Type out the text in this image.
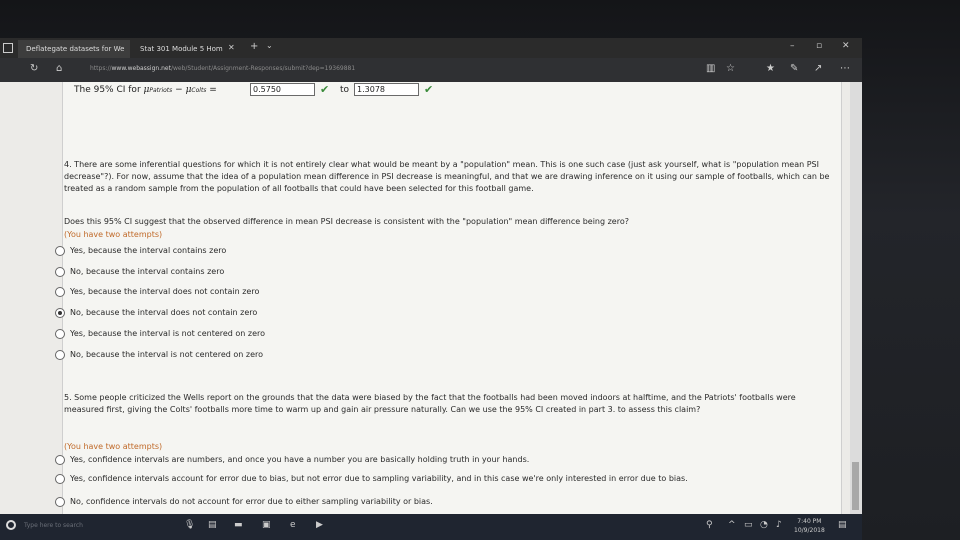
Deflategate datasets for We	Stat 301 Module 5 Hom ✕ + ⌄	– ▫ ✕
↻ ⌂	https://www.webassign.net/web/Student/Assignment-Responses/submit?dep=19369881	▥ ☆	★ ✎ ↗ ⋯
The 95% CI for μPatriots − μColts =	0.5750	✔ to 1.3078	✔
4. There are some inferential questions for which it is not entirely clear what would be meant by a "population" mean. This is one such case (just ask yourself, what is "population mean PSI decrease"?). For now, assume that the idea of a population mean difference in PSI decrease is meaningful, and that we are drawing inference on it using our sample of footballs, which can be treated as a random sample from the population of all footballs that could have been selected for this football game.
Does this 95% CI suggest that the observed difference in mean PSI decrease is consistent with the "population" mean difference being zero?
(You have two attempts)
Yes, because the interval contains zero
No, because the interval contains zero
Yes, because the interval does not contain zero
No, because the interval does not contain zero
Yes, because the interval is not centered on zero
No, because the interval is not centered on zero
5. Some people criticized the Wells report on the grounds that the data were biased by the fact that the footballs had been moved indoors at halftime, and the Patriots' footballs were measured first, giving the Colts' footballs more time to warm up and gain air pressure naturally. Can we use the 95% CI created in part 3. to assess this claim?
(You have two attempts)
Yes, confidence intervals are numbers, and once you have a number you are basically holding truth in your hands.
Yes, confidence intervals account for error due to bias, but not error due to sampling variability, and in this case we're only interested in error due to bias.
No, confidence intervals do not account for error due to either sampling variability or bias.
Type here to search	🎙 ▤ ▬ ▣ e ▶	⚲ ^ ▭ ◔ ♪	7:40 PM
10/9/2018
▤
